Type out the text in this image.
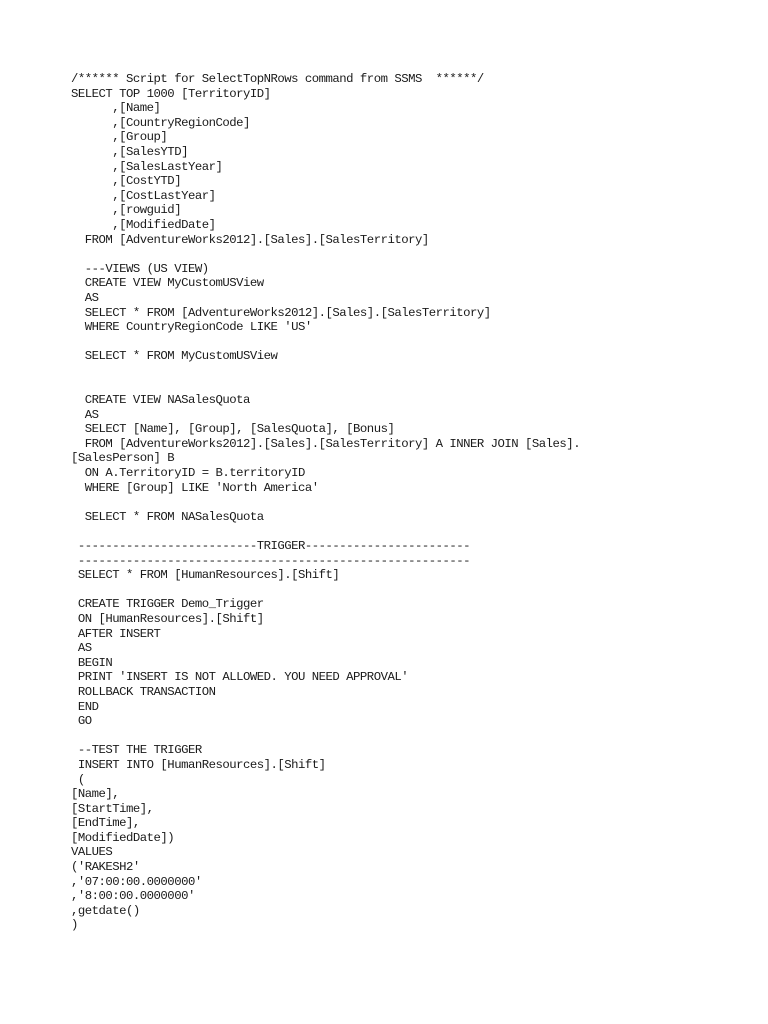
/****** Script for SelectTopNRows command from SSMS  ******/
SELECT TOP 1000 [TerritoryID]
,[Name]
,[CountryRegionCode]
,[Group]
,[SalesYTD]
,[SalesLastYear]
,[CostYTD]
,[CostLastYear]
,[rowguid]
,[ModifiedDate]
FROM [AdventureWorks2012].[Sales].[SalesTerritory]
---VIEWS (US VIEW)
CREATE VIEW MyCustomUSView
AS
SELECT * FROM [AdventureWorks2012].[Sales].[SalesTerritory]
WHERE CountryRegionCode LIKE 'US'
SELECT * FROM MyCustomUSView
CREATE VIEW NASalesQuota
AS
SELECT [Name], [Group], [SalesQuota], [Bonus]
FROM [AdventureWorks2012].[Sales].[SalesTerritory] A INNER JOIN [Sales].
[SalesPerson] B
ON A.TerritoryID = B.territoryID
WHERE [Group] LIKE 'North America'
SELECT * FROM NASalesQuota
--------------------------TRIGGER------------------------
---------------------------------------------------------
SELECT * FROM [HumanResources].[Shift]
CREATE TRIGGER Demo_Trigger
ON [HumanResources].[Shift]
AFTER INSERT
AS
BEGIN
PRINT 'INSERT IS NOT ALLOWED. YOU NEED APPROVAL'
ROLLBACK TRANSACTION
END
GO
--TEST THE TRIGGER
INSERT INTO [HumanResources].[Shift]
(
[Name],
[StartTime],
[EndTime],
[ModifiedDate])
VALUES
('RAKESH2'
,'07:00:00.0000000'
,'8:00:00.0000000'
,getdate()
)
